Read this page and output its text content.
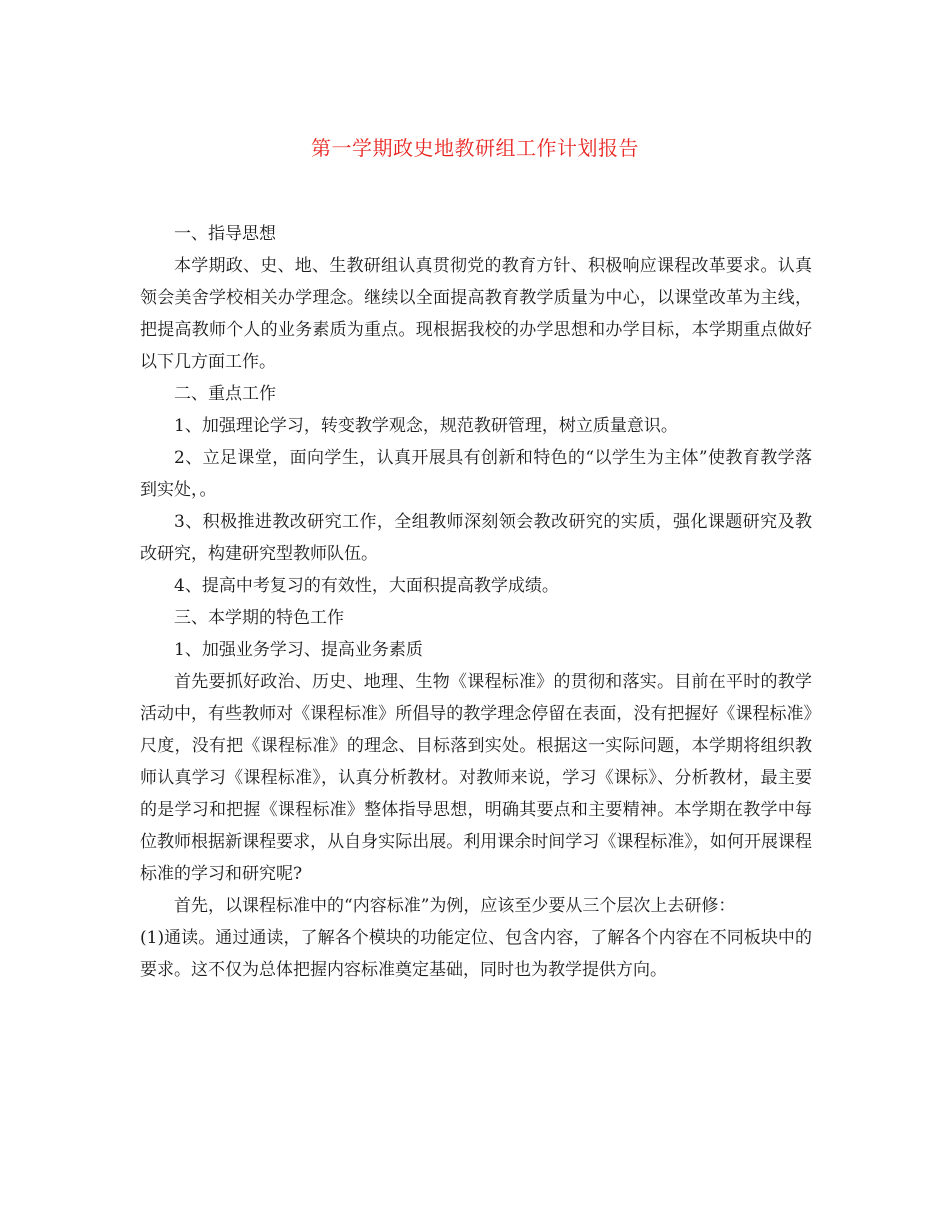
第一学期政史地教研组工作计划报告

一、指导思想

本学期政、史、地、生教研组认真贯彻党的教育方针、积极响应课程改革要求。认真领会美舍学校相关办学理念。继续以全面提高教育教学质量为中心，以课堂改革为主线，把提高教师个人的业务素质为重点。现根据我校的办学思想和办学目标，本学期重点做好以下几方面工作。

二、重点工作

1、加强理论学习，转变教学观念，规范教研管理，树立质量意识。

2、立足课堂，面向学生，认真开展具有创新和特色的“以学生为主体”使教育教学落到实处，。

3、积极推进教改研究工作，全组教师深刻领会教改研究的实质，强化课题研究及教改研究，构建研究型教师队伍。

4、提高中考复习的有效性，大面积提高教学成绩。

三、本学期的特色工作

1、加强业务学习、提高业务素质

首先要抓好政治、历史、地理、生物《课程标准》的贯彻和落实。目前在平时的教学活动中，有些教师对《课程标准》所倡导的教学理念停留在表面，没有把握好《课程标准》尺度，没有把《课程标准》的理念、目标落到实处。根据这一实际问题，本学期将组织教师认真学习《课程标准》，认真分析教材。对教师来说，学习《课标》、分析教材，最主要的是学习和把握《课程标准》整体指导思想，明确其要点和主要精神。本学期在教学中每位教师根据新课程要求，从自身实际出展。利用课余时间学习《课程标准》，如何开展课程标准的学习和研究呢?

首先，以课程标准中的“内容标准”为例，应该至少要从三个层次上去研修：

(1)通读。通过通读，了解各个模块的功能定位、包含内容，了解各个内容在不同板块中的要求。这不仅为总体把握内容标准奠定基础，同时也为教学提供方向。
